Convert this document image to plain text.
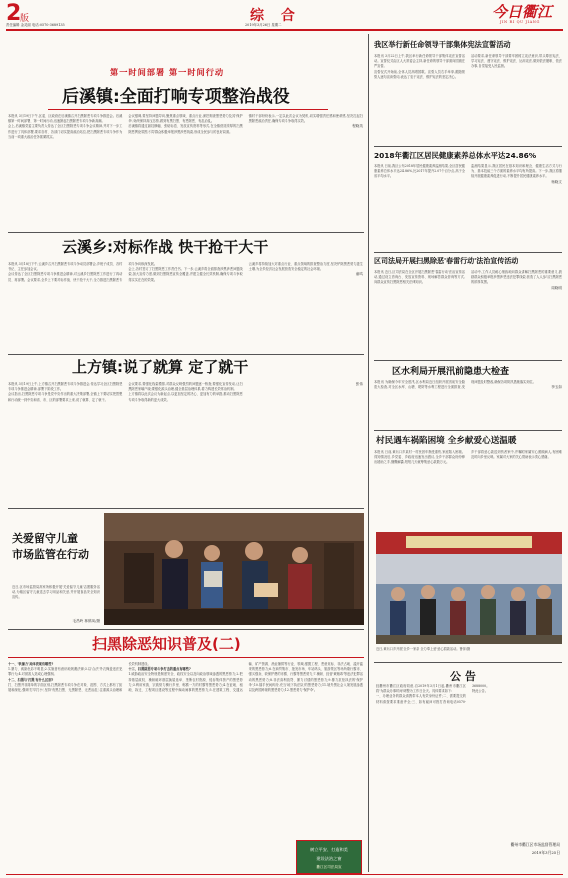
2
版
责任编辑 金灵丽 电话:0570-3689135
综 合
2019年3月26日 星期二
今日衢江
JIN RI QU JIANG
第一时间部署 第一时间行动
后溪镇:全面打响专项整治战役

本报讯 3月19日下午,区委、区政府在后溪镇召开扫黑除恶专项斗争推进会。后溪镇第一时间部署、第一时间行动,迅速掀起扫黑除恶专项斗争新高潮。

会上,后溪镇党委主要负责人传达了全区扫黑除恶专项斗争会议精神,并对下一步工作进行了具体部署,要求各村、各部门切实提高政治站位,把扫黑除恶专项斗争作为当前一项重大政治任务抓紧抓实。

会议强调,要坚持问题导向,聚焦重点领域、重点行业,深挖彻查黑恶势力及其'保护伞',始终保持高压态势,做到有黑扫黑、有恶除恶、有乱治乱。

后溪镇将通过悬挂横幅、张贴标语、发放宣传资料等形式,在全镇营造浓厚的扫黑除恶舆论氛围,引导群众积极举报涉黑涉恶线索,形成全民参与的良好局面。

镇村干部纷纷表示,一定以此次会议为契机,切实增强责任感和使命感,坚决扛起扫黑除恶政治责任,确保专项斗争取得实效。

程晓英

云溪乡:对标作战 快干抢干大干

本报讯 3月18日下午,云溪乡召开扫黑除恶专项斗争动员部署会,乡班子成员、各村书记、主任参加会议。

会议传达了全区扫黑除恶专项斗争推进会精神,对云溪乡扫黑除恶工作进行了再动员、再部署。会议要求,全乡上下要对标作战、快干抢干大干,全力推进扫黑除恶专项斗争向纵深发展。

会上,各村签订了扫黑除恶工作责任书。下一步,云溪乡将全面排查涉黑涉恶问题线索,加大宣传力度,做到扫黑除恶宣传全覆盖,并建立健全长效机制,确保专项斗争取得实实在在的效果。

云溪乡将持续加大对重点行业、重点领域的排查整治力度,坚决铲除黑恶势力滋生土壤,为全乡经济社会发展营造安全稳定的社会环境。

童鸣

上方镇:说了就算 定了就干

本报讯 3月19日上午,上方镇召开扫黑除恶专项斗争推进会,传达学习全区扫黑除恶专项斗争推进会精神,部署下阶段工作。

会议指出,扫黑除恶专项斗争是党中央作出的重大决策部署,全镇上下要切实把思想和行动统一到中央和省、市、区的部署要求上来,说了就算、定了就干。

会议要求,要强化线索摸排,对群众反映强烈的问题逐一核查;要强化宣传发动,让扫黑除恶家喻户晓;要强化源头治理,健全基层治理体系,着力构建长效常治机制。

上方镇将以此次会议为新起点,以更加坚定的决心、更加有力的举措,推动扫黑除恶专项斗争取得新的更大成效。

张伟

关爱留守儿童
市场监管在行动
近日,区市场监管局高家所积极开展'关爱留守儿童'志愿服务活动,为辖区留守儿童送去学习用品和关爱,并开展食品安全知识宣传。
毛昌岭 林鹤凤/摄
扫黑除恶知识普及(二)

十一、'软暴力'具体表现有哪些?

1.暴力、威胁色彩不明显;2.实施者有意识地规避法律;3.以'合法'外衣掩盖违法犯罪行为;4.对被害人造成心理强制。

十二、扫黑与'打黑'有什么区别?

打、扫黑并非简单的字面区别,扫黑除恶专项斗争在对象、范围、方式上都有了拓展和深化,强调'打早打小',坚持'有黑扫黑、无黑除恶、无恶治乱',注重源头治理和长效机制建设。

十三、扫黑除恶专项斗争打击的重点有哪些?

1.威胁政治安全特别是制度安全、政权安全以及向政治领域渗透的黑恶势力;2.把持基层政权、操纵破坏基层换届选举、垄断农村资源、侵吞集体资产的黑恶势力;3.利用家族、宗族势力横行乡里、称霸一方的村霸等黑恶势力;4.在征地、租地、拆迁、工程项目建设等过程中煽动闹事的黑恶势力;5.在建筑工程、交通运输、矿产资源、渔业捕捞等行业、领域,强揽工程、恶意竞标、非法占地、滥开滥采的黑恶势力;6.在商贸集市、批发市场、车站码头、旅游景区等场所欺行霸市、强买强卖、收保护费的市霸、行霸等黑恶势力;7.操纵、经营'黄赌毒'等违法犯罪活动的黑恶势力;8.非法高利放贷、暴力讨债的黑恶势力;9.暴力抗拒执法的'保护伞';10.插手民间纠纷,充当'地下执法队'的黑恶势力;11.境外黑社会入境发展渗透以及跨国跨境的黑恶势力;12.黑恶势力'保护伞'。

树立平安、打造和美
建设法治之窗
衢江区司法局宣
我区举行新任命领导干部集体宪法宣誓活动

本报讯 3月22日上午,我区举行新任命领导干部集体宪法宣誓活动。宣誓仪式由区人大常委会主持,新任命的领导干部面向国旗庄严宣誓。

宣誓仪式开始前,全体人员高唱国歌。宣誓人员右手举拳,跟随领誓人逐句宣读誓词,表达了忠于宪法、维护宪法的坚定决心。

活动要求,新任命领导干部要牢固树立宪法意识,带头尊崇宪法、学习宪法、遵守宪法、维护宪法、运用宪法,做到依法履职、依法办事,自觉接受人民监督。

2018年衢江区居民健康素养总体水平达24.86%

本报讯 日前,我区公布2018年居民健康素养监测结果,全区居民健康素养总体水平达24.86%,比2017年提升2.07个百分点,高于全省平均水平。

监测结果显示,我区居民在基本知识和理念、健康生活方式与行为、基本技能三个方面的素养水平均有所提高。下一步,我区将继续开展健康素养促进行动,不断提升居民健康素养水平。

杨晓文

区司法局开展扫黑除恶'春雷行动'法治宣传活动

本报讯 近日,区司法局在全区开展扫黑除恶'春雷行动'法治宣传活动,通过设立咨询台、发放宣传资料、现场解答群众咨询等方式,向群众宣传扫黑除恶相关法律知识。

活动中,工作人员耐心细致地向群众讲解扫黑除恶的重要意义,鼓励群众积极举报涉黑涉恶违法犯罪线索,营造了人人参与扫黑除恶的浓厚氛围。

周晓明

区水利局开展汛前隐患大检查

本报讯 为确保今年安全度汛,区水利局近日组织开展汛前安全隐患大检查,对全区水库、山塘、堤防等水利工程进行全面排查,发现问题及时整改,确保各项防汛措施落实到位。

李玉如

村民遇车祸陷困境 全乡献爱心送温暖

本报讯 日前,黄坛口乡某村一村民因车祸受重伤,家庭陷入困境。得知情况后,乡党委、乡政府迅速发出倡议,全乡干部群众纷纷伸出援助之手,慷慨解囊,短短几天就筹集爱心款数万元。

乡干部将爱心款送到伤者家中,并嘱咐家属安心照顾病人,有困难及时向乡里反映。家属对大家的关心帮助表示衷心感谢。

近日,黄坛口乡开展'全乡一家亲 全力奉上爱'爱心捐款活动。鲁萍/摄
公 告

经衢州市衢江区政府同意,自2019年3月1日起,衢州市衢江区将'为群众办事时间'调整为工作日全天。具体要求如下:

一、办理业务的群众请携带本人有效身份证件;二、需要提交的材料请按要求准备齐全;三、如有疑问可拨打咨询电话0570-3688000。

特此公告。

衢州市衢江区市场监督管理局
2019年3月25日
